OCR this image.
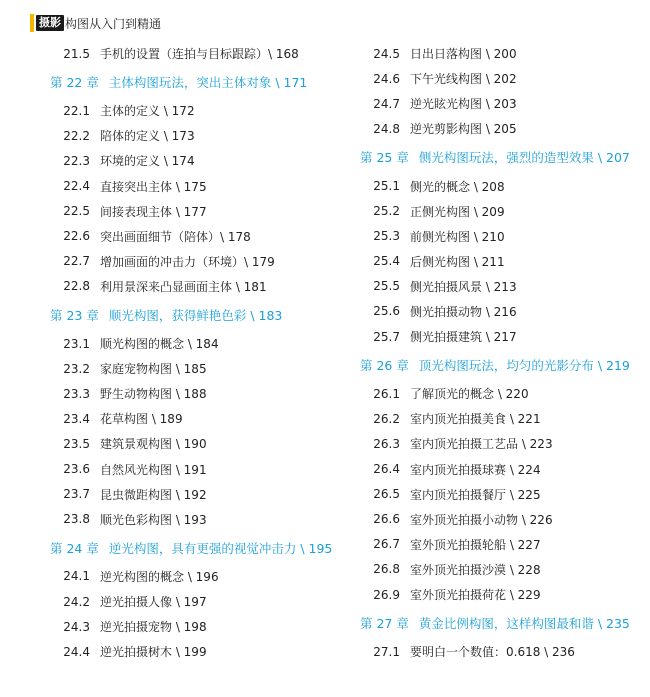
摄影 构图从入门到精通
21.5 手机的设置（连拍与目标跟踪）\ 168
第 22 章 主体构图玩法，突出主体对象 \ 171
22.1 主体的定义 \ 172
22.2 陪体的定义 \ 173
22.3 环境的定义 \ 174
22.4 直接突出主体 \ 175
22.5 间接表现主体 \ 177
22.6 突出画面细节（陪体）\ 178
22.7 增加画面的冲击力（环境）\ 179
22.8 利用景深来凸显画面主体 \ 181
第 23 章 顺光构图，获得鲜艳色彩 \ 183
23.1 顺光构图的概念 \ 184
23.2 家庭宠物构图 \ 185
23.3 野生动物构图 \ 188
23.4 花草构图 \ 189
23.5 建筑景观构图 \ 190
23.6 自然风光构图 \ 191
23.7 昆虫微距构图 \ 192
23.8 顺光色彩构图 \ 193
第 24 章 逆光构图，具有更强的视觉冲击力 \ 195
24.1 逆光构图的概念 \ 196
24.2 逆光拍摄人像 \ 197
24.3 逆光拍摄宠物 \ 198
24.4 逆光拍摄树木 \ 199
24.5 日出日落构图 \ 200
24.6 下午光线构图 \ 202
24.7 逆光眩光构图 \ 203
24.8 逆光剪影构图 \ 205
第 25 章 侧光构图玩法，强烈的造型效果 \ 207
25.1 侧光的概念 \ 208
25.2 正侧光构图 \ 209
25.3 前侧光构图 \ 210
25.4 后侧光构图 \ 211
25.5 侧光拍摄风景 \ 213
25.6 侧光拍摄动物 \ 216
25.7 侧光拍摄建筑 \ 217
第 26 章 顶光构图玩法，均匀的光影分布 \ 219
26.1 了解顶光的概念 \ 220
26.2 室内顶光拍摄美食 \ 221
26.3 室内顶光拍摄工艺品 \ 223
26.4 室内顶光拍摄球赛 \ 224
26.5 室内顶光拍摄餐厅 \ 225
26.6 室外顶光拍摄小动物 \ 226
26.7 室外顶光拍摄轮船 \ 227
26.8 室外顶光拍摄沙漠 \ 228
26.9 室外顶光拍摄荷花 \ 229
第 27 章 黄金比例构图，这样构图最和谐 \ 235
27.1 要明白一个数值：0.618 \ 236
